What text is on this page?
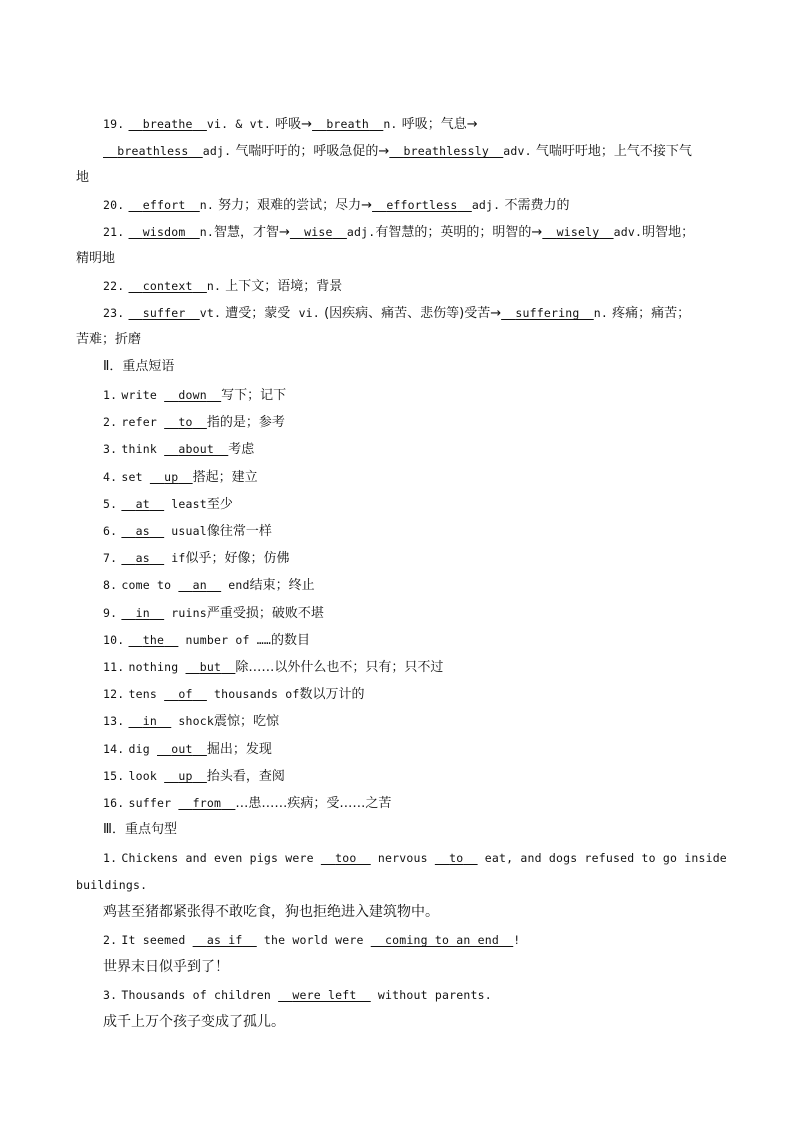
19. breathe vi. & vt. 呼吸→ breath n. 呼吸；气息→
breathless adj. 气喘吁吁的；呼吸急促的→ breathlessly adv. 气喘吁吁地；上气不接下气
地
20. effort n. 努力；艰难的尝试；尽力→ effortless adj. 不需费力的
21. wisdom n.智慧，才智→ wise adj.有智慧的；英明的；明智的→ wisely adv.明智地；
精明地
22. context n. 上下文；语境；背景
23. suffer vt. 遭受；蒙受 vi. (因疾病、痛苦、悲伤等)受苦→ suffering n. 疼痛；痛苦；
苦难；折磨
Ⅱ．重点短语
1. write   down 写下；记下
2. refer   to 指的是；参考
3. think   about 考虑
4. set   up 搭起；建立
5. at   least至少
6. as   usual像往常一样
7. as   if似乎；好像；仿佛
8. come to   an   end结束；终止
9. in   ruins严重受损；破败不堪
10. the   number of ……的数目
11. nothing   but 除……以外什么也不；只有；只不过
12. tens   of   thousands of数以万计的
13. in   shock震惊；吃惊
14. dig   out 掘出；发现
15. look   up 抬头看，查阅
16. suffer   from …患……疾病；受……之苦
Ⅲ．重点句型
1. Chickens and even pigs were   too   nervous   to   eat, and dogs refused to go inside
buildings.
鸡甚至猪都紧张得不敢吃食，狗也拒绝进入建筑物中。
2. It seemed   as if   the world were   coming to an end !
世界末日似乎到了！
3. Thousands of children   were left   without parents.
成千上万个孩子变成了孤儿。
